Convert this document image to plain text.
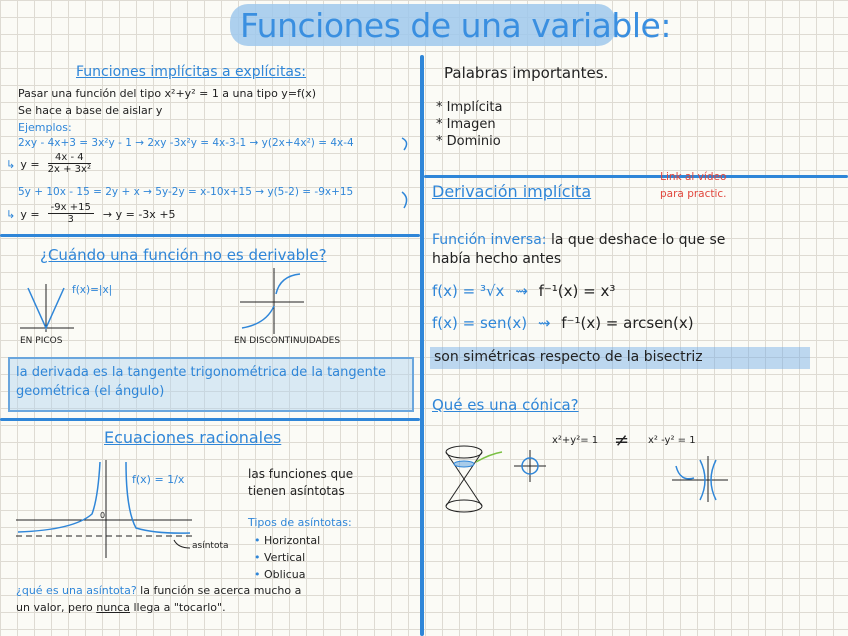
Funciones de una variable:
Funciones implícitas a explícitas:
Pasar una función del tipo x²+y² = 1 a una tipo y=f(x)
Se hace a base de aislar y
Ejemplos:
2xy - 4x+3 = 3x²y - 1 → 2xy -3x²y = 4x-3-1 → y(2x+4x²) = 4x-4
↳ $y = \frac{4x - 4}{\text{2x + 3x²}}$
5y + 10x - 15 = 2y + x → 5y-2y = x-10x+15 → y(5-2) = -9x+15
↳ $y = \frac{-9x +15}{3} \to y = -3x +5$
¿Cuándo una función no es derivable?
f(x)=|x|
EN PICOS	EN DISCONTINUIDADES
la derivada es la tangente trigonométrica de la tangente geométrica (el ángulo)
Ecuaciones racionales
0
f(x) = 1/x
asíntota
las funciones que
tienen asíntotas
Tipos de asíntotas:
• Horizontal
• Vertical
• Oblicua
¿qué es una asíntota? la función se acerca mucho a
un valor, pero nunca llega a "tocarlo".
Palabras importantes.
* Implícita
* Imagen
* Dominio
Derivación implícita
Link al vídeo
para practic.
Función inversa: la que deshace lo que se
había hecho antes
f(x) = ³√x ⇝ f⁻¹(x) = x³
f(x) = sen(x) ⇝ f⁻¹(x) = arcsen(x)
son simétricas respecto de la bisectriz
Qué es una cónica?
x²+y²= 1 ≠ x² -y² = 1
